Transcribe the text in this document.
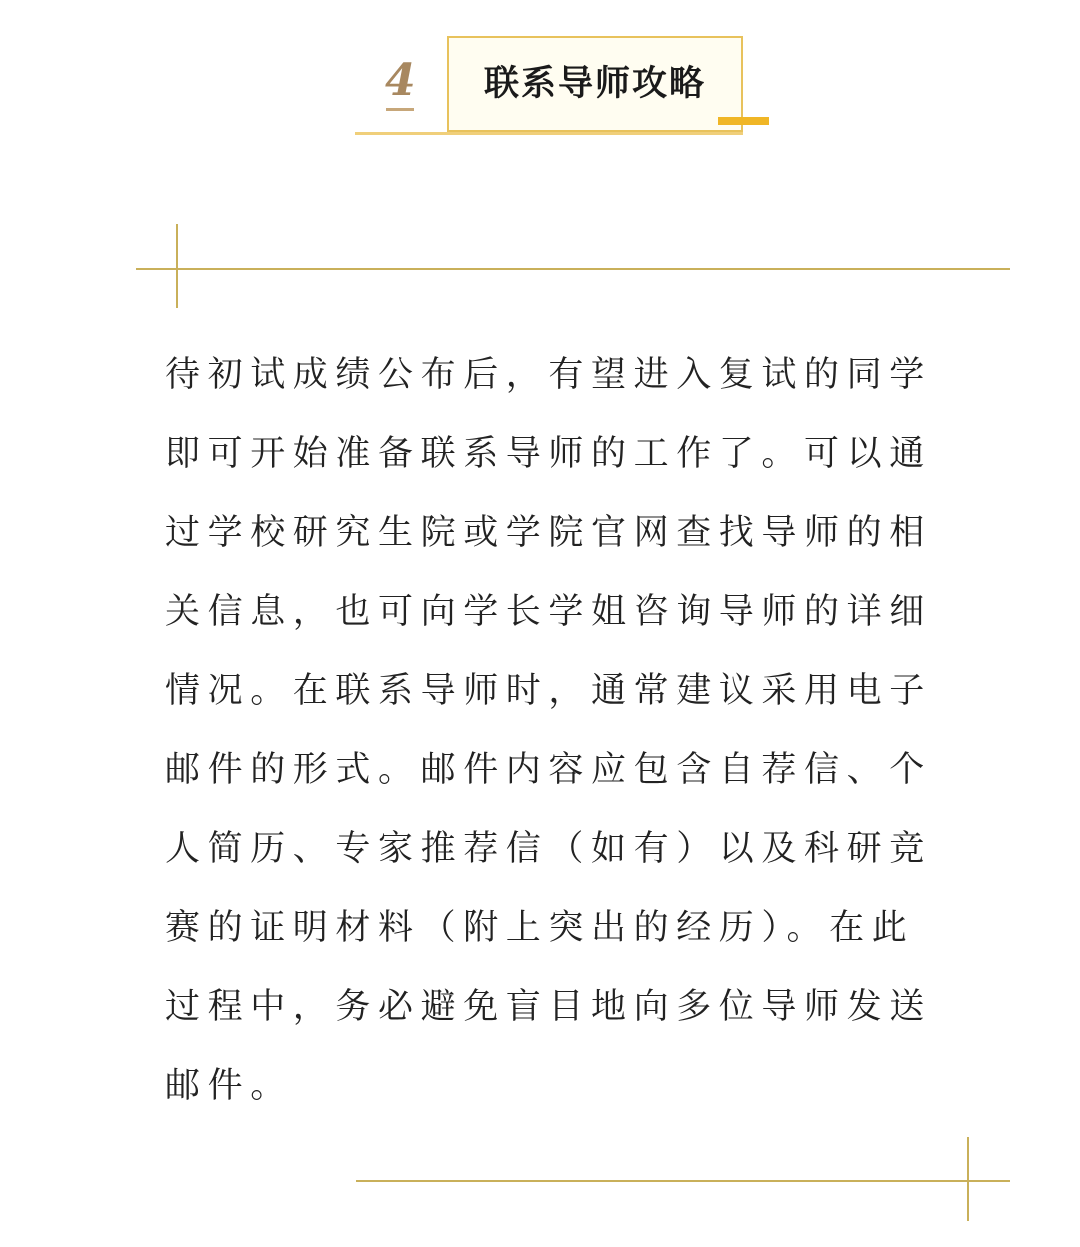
4	联系导师攻略
待初试成绩公布后，有望进入复试的同学
即可开始准备联系导师的工作了。可以通
过学校研究生院或学院官网查找导师的相
关信息，也可向学长学姐咨询导师的详细
情况。在联系导师时，通常建议采用电子
邮件的形式。邮件内容应包含自荐信、个
人简历、专家推荐信（如有）以及科研竞
赛的证明材料（附上突出的经历）。在此
过程中，务必避免盲目地向多位导师发送
邮件。
